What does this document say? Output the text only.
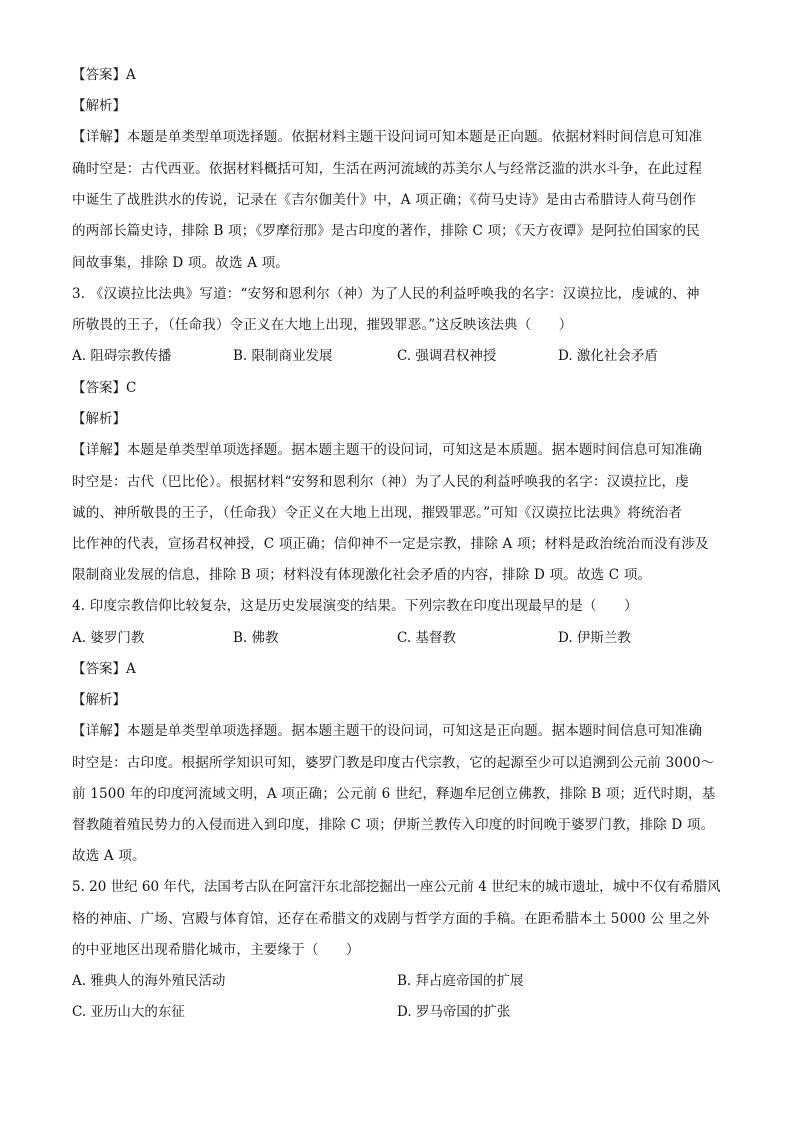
【答案】A
【解析】
【详解】本题是单类型单项选择题。依据材料主题干设问词可知本题是正向题。依据材料时间信息可知准
确时空是：古代西亚。依据材料概括可知，生活在两河流域的苏美尔人与经常泛滥的洪水斗争，在此过程
中诞生了战胜洪水的传说，记录在《吉尔伽美什》中，A 项正确；《荷马史诗》是由古希腊诗人荷马创作
的两部长篇史诗，排除 B 项；《罗摩衍那》是古印度的著作，排除 C 项；《天方夜谭》是阿拉伯国家的民
间故事集，排除 D 项。故选 A 项。
3. 《汉谟拉比法典》写道：“安努和恩利尔（神）为了人民的利益呼唤我的名字：汉谟拉比，虔诚的、神
所敬畏的王子，（任命我）令正义在大地上出现，摧毁罪恶。”这反映该法典（　　）
A. 阻碍宗教传播	B. 限制商业发展	C. 强调君权神授	D. 激化社会矛盾
【答案】C
【解析】
【详解】本题是单类型单项选择题。据本题主题干的设问词，可知这是本质题。据本题时间信息可知准确
时空是：古代（巴比伦）。根据材料“安努和恩利尔（神）为了人民的利益呼唤我的名字：汉谟拉比，虔
诚的、神所敬畏的王子，（任命我）令正义在大地上出现，摧毁罪恶。”可知《汉谟拉比法典》将统治者
比作神的代表，宣扬君权神授，C 项正确；信仰神不一定是宗教，排除 A 项；材料是政治统治而没有涉及
限制商业发展的信息，排除 B 项；材料没有体现激化社会矛盾的内容，排除 D 项。故选 C 项。
4. 印度宗教信仰比较复杂，这是历史发展演变的结果。下列宗教在印度出现最早的是（　　）
A. 婆罗门教	B. 佛教	C. 基督教	D. 伊斯兰教
【答案】A
【解析】
【详解】本题是单类型单项选择题。据本题主题干的设问词，可知这是正向题。据本题时间信息可知准确
时空是：古印度。根据所学知识可知，婆罗门教是印度古代宗教，它的起源至少可以追溯到公元前 3000～
前 1500 年的印度河流域文明，A 项正确；公元前 6 世纪，释迦牟尼创立佛教，排除 B 项；近代时期，基
督教随着殖民势力的入侵而进入到印度，排除 C 项；伊斯兰教传入印度的时间晚于婆罗门教，排除 D 项。
故选 A 项。
5. 20 世纪 60 年代，法国考古队在阿富汗东北部挖掘出一座公元前 4 世纪末的城市遗址，城中不仅有希腊风
格的神庙、广场、宫殿与体育馆，还存在希腊文的戏剧与哲学方面的手稿。在距希腊本土 5000 公 里之外
的中亚地区出现希腊化城市，主要缘于（　　）
A. 雅典人的海外殖民活动	B. 拜占庭帝国的扩展
C. 亚历山大的东征	D. 罗马帝国的扩张
